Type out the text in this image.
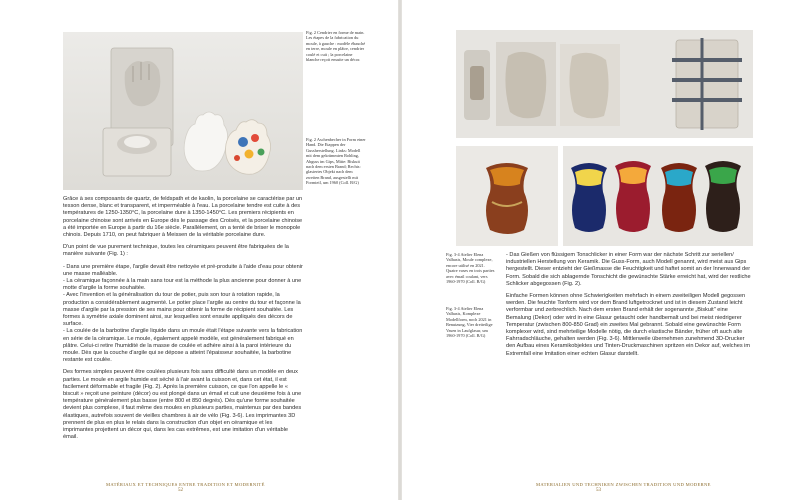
Fig. 2 Cendrier en forme de main. Les étapes de la fabrication du moule, à gauche : modèle ébauché en terre, moule en plâtre, cendrier coulé et cuit ; la porcelaine blanche reçoit ensuite un décor.

Fig. 2 Aschenbecher in Form einer Hand. Die Etappen der Gussherstellung. Links: Modell mit dem gekrümmten Rohling, Abguss im Gips, Mitte: Biskuit nach dem ersten Brand; Rechts: glasiertes Objekt nach dem zweiten Brand, ausgestellt mit Formteil, um 1960 (Coll. B/G)

Grâce à ses composants de quartz, de feldspath et de kaolin, la porcelaine se caractérise par un tesson dense, blanc et transparent, et imperméable à l'eau. La porcelaine tendre est cuite à des températures de 1250-1350°C, la porcelaine dure à 1350-1450°C. Les premiers récipients en porcelaine chinoise sont arrivés en Europe dès le passage des Croisés, et la porcelaine chinoise a été importée en Europe à partir du 16e siècle. Parallèlement, on a tenté de briser le monopole chinois. Depuis 1710, on peut fabriquer à Meissen de la véritable porcelaine dure.

D'un point de vue purement technique, toutes les céramiques peuvent être fabriquées de la manière suivante (Fig. 1) :

- Dans une première étape, l'argile devait être nettoyée et pré-produite à l'aide d'eau pour obtenir une masse malléable.
- La céramique façonnée à la main sans tour est la méthode la plus ancienne pour donner à une motte d'argile la forme souhaitée.
- Avec l'invention et la généralisation du tour de potier, puis son tour à rotation rapide, la production a considérablement augmenté. Le potier place l'argile au centre du tour et façonne la masse d'argile par la pression de ses mains pour obtenir la forme de récipient souhaitée. Les formes à symétrie axiale dominent ainsi, sur lesquelles sont ensuite appliqués des décors de surface.
- La coulée de la barbotine d'argile liquide dans un moule était l'étape suivante vers la fabrication en série de la céramique. Le moule, également appelé modèle, est généralement fabriqué en plâtre. Celui-ci retire l'humidité de la masse de coulée et adhère ainsi à la paroi intérieure du moule. Dès que la couche d'argile qui se dépose a atteint l'épaisseur souhaitée, la barbotine restante est coulée.

Des formes simples peuvent être coulées plusieurs fois sans difficulté dans un modèle en deux parties. Le moule en argile humide est séché à l'air avant la cuisson et, dans cet état, il est facilement déformable et fragile (Fig. 2). Après la première cuisson, ce que l'on appelle le « biscuit » reçoit une peinture (décor) ou est plongé dans un émail et cuit une deuxième fois à une température généralement plus basse (entre 800 et 850 degrés). Dès qu'une forme souhaitée devient plus complexe, il faut même des moules en plusieurs parties, maintenus par des bandes élastiques, autrefois souvent de vieilles chambres à air de vélo (Fig. 3-6). Les imprimantes 3D prennent de plus en plus le relais dans la construction d'un objet en céramique et les imprimantes projettent un décor qui, dans les cas extrêmes, est une imitation d'un véritable émail.

MATÉRIAUX ET TECHNIQUES ENTRE TRADITION ET MODERNITÉ
52

Fig. 3-4 Atelier Elena Valhasis, Moule complexe, encore utilisé en 2021. Quatre vases en trois parties avec émail coulant, vers 1960-1970 (Coll. B/G)

Fig. 3-4 Atelier Elena Valhasis, Komplexe Modellform, noch 2021 in Benutzung, Vier dreiteilige Vasen in Laufglasur, um 1960-1970 (Coll. B/G)

- Das Gießen von flüssigem Tonschlicker in einer Form war der nächste Schritt zur seriellen/ industriellen Herstellung von Keramik. Die Guss-Form, auch Modell genannt, wird meist aus Gips hergestellt. Dieser entzieht der Gießmasse die Feuchtigkeit und haftet somit an der Innenwand der Form. Sobald die sich ablagernde Tonschicht die gewünschte Stärke erreicht hat, wird der restliche Schlicker abgegossen (Fig. 2).

Einfache Formen können ohne Schwierigkeiten mehrfach in einem zweiteiligen Modell gegossen werden. Die feuchte Tonform wird vor dem Brand luftgetrocknet und ist in diesem Zustand leicht verformbar und zerbrechlich. Nach dem ersten Brand erhält der sogenannte „Biskuit" eine Bemalung (Dekor) oder wird in eine Glasur getaucht oder handbemalt und bei meist niedrigerer Temperatur (zwischen 800-850 Grad) ein zweites Mal gebrannt. Sobald eine gewünschte Form komplexer wird, sind mehrteilige Modelle nötig, die durch elastische Bänder, früher oft auch alte Fahrradschläuche, gehalten werden (Fig. 3-6). Mittlerweile übernehmen zunehmend 3D-Drucker den Aufbau eines Keramikobjektes und Tinten-Druckmaschinen spritzen ein Dekor auf, welches im Extremfall eine Imitation einer echten Glasur darstellt.

MATERIALIEN UND TECHNIKEN ZWISCHEN TRADITION UND MODERNE
53
